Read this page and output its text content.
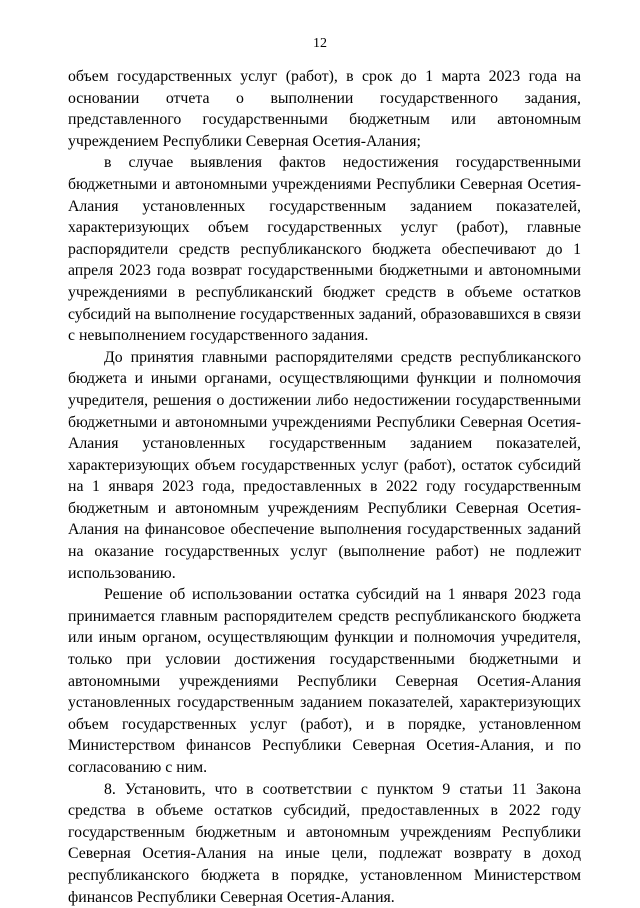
12

объем государственных услуг (работ), в срок до 1 марта 2023 года на основании отчета о выполнении государственного задания, представленного государственными бюджетным или автономным учреждением Республики Северная Осетия-Алания;

в случае выявления фактов недостижения государственными бюджетными и автономными учреждениями Республики Северная Осетия-Алания установленных государственным заданием показателей, характеризующих объем государственных услуг (работ), главные распорядители средств республиканского бюджета обеспечивают до 1 апреля 2023 года возврат государственными бюджетными и автономными учреждениями в республиканский бюджет средств в объеме остатков субсидий на выполнение государственных заданий, образовавшихся в связи с невыполнением государственного задания.

До принятия главными распорядителями средств республиканского бюджета и иными органами, осуществляющими функции и полномочия учредителя, решения о достижении либо недостижении государственными бюджетными и автономными учреждениями Республики Северная Осетия-Алания установленных государственным заданием показателей, характеризующих объем государственных услуг (работ), остаток субсидий на 1 января 2023 года, предоставленных в 2022 году государственным бюджетным и автономным учреждениям Республики Северная Осетия-Алания на финансовое обеспечение выполнения государственных заданий на оказание государственных услуг (выполнение работ) не подлежит использованию.

Решение об использовании остатка субсидий на 1 января 2023 года принимается главным распорядителем средств республиканского бюджета или иным органом, осуществляющим функции и полномочия учредителя, только при условии достижения государственными бюджетными и автономными учреждениями Республики Северная Осетия-Алания установленных государственным заданием показателей, характеризующих объем государственных услуг (работ), и в порядке, установленном Министерством финансов Республики Северная Осетия-Алания, и по согласованию с ним.

8. Установить, что в соответствии с пунктом 9 статьи 11 Закона средства в объеме остатков субсидий, предоставленных в 2022 году государственным бюджетным и автономным учреждениям Республики Северная Осетия-Алания на иные цели, подлежат возврату в доход республиканского бюджета в порядке, установленном Министерством финансов Республики Северная Осетия-Алания.
